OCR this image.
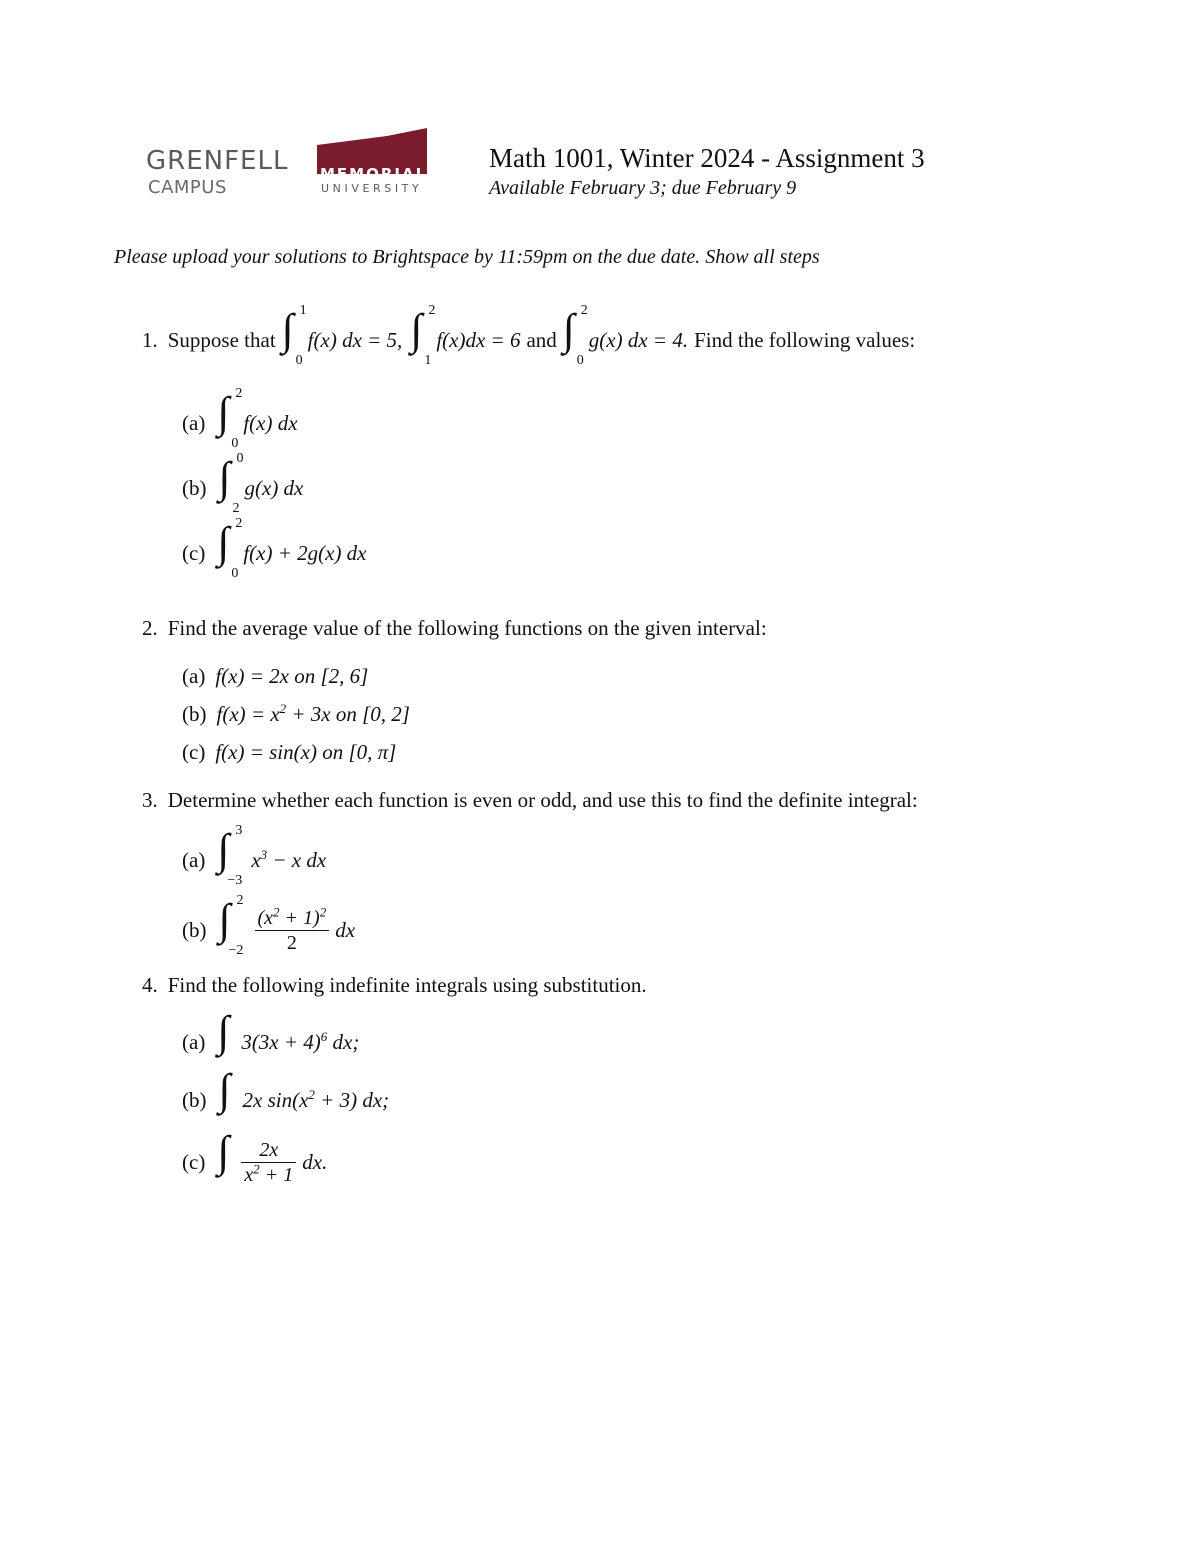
GRENFELL
CAMPUS
MEMORIAL
UNIVERSITY
Math 1001, Winter 2024 - Assignment 3
Available February 3; due February 9
Please upload your solutions to Brightspace by 11:59pm on the due date. Show all steps
1. Suppose that ∫ 1
0
f(x) dx = 5, ∫ 2
1
f(x)dx = 6 and ∫ 2
0
g(x) dx = 4. Find the following values:
(a) ∫ 2
0
f(x) dx
(b) ∫ 0
2
g(x) dx
(c) ∫ 2
0
f(x) + 2g(x) dx
2. Find the average value of the following functions on the given interval:
(a) f(x) = 2x on [2, 6]
(b) $f(x) = x^2 + 3x$ on [0, 2]
(c) f(x) = sin(x) on [0, π]
3. Determine whether each function is even or odd, and use this to find the definite integral:
(a) ∫ 3
−3
$x^3 - x$ dx
(b) ∫ 2
$-2 \frac{(x^2 + 1)^2}{2}$ dx
4. Find the following indefinite integrals using substitution.
(a) ∫ $3(3x + 4)^6$ dx;
(b) ∫ 2x $\sin(x^2 + 3)$ dx;
(c) ∫ $\frac{2x}{x^2 + 1}$ dx.
